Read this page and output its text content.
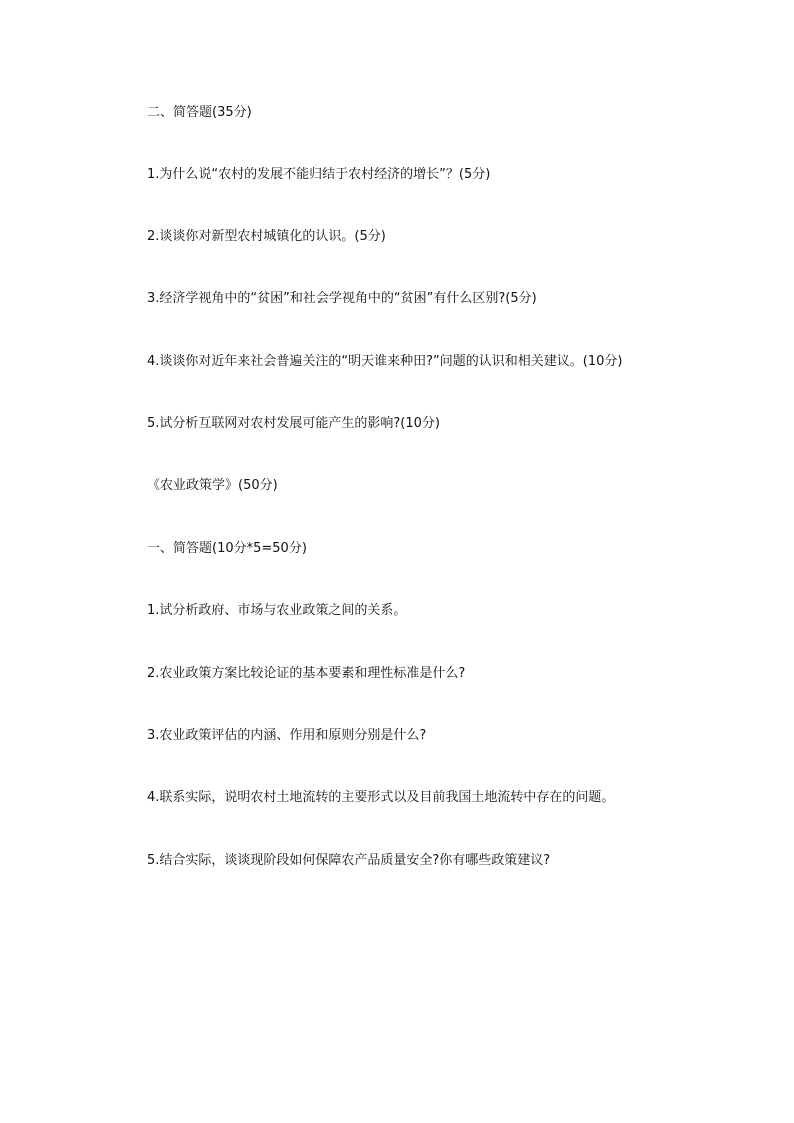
二、简答题(35分)
1.为什么说“农村的发展不能归结于农村经济的增长”？(5分)
2.谈谈你对新型农村城镇化的认识。(5分)
3.经济学视角中的“贫困”和社会学视角中的“贫困”有什么区别?(5分)
4.谈谈你对近年来社会普遍关注的“明天谁来种田?”问题的认识和相关建议。(10分)
5.试分析互联网对农村发展可能产生的影响?(10分)
《农业政策学》(50分)
一、简答题(10分*5=50分)
1.试分析政府、市场与农业政策之间的关系。
2.农业政策方案比较论证的基本要素和理性标准是什么?
3.农业政策评估的内涵、作用和原则分别是什么?
4.联系实际，说明农村土地流转的主要形式以及目前我国土地流转中存在的问题。
5.结合实际，谈谈现阶段如何保障农产品质量安全?你有哪些政策建议?
